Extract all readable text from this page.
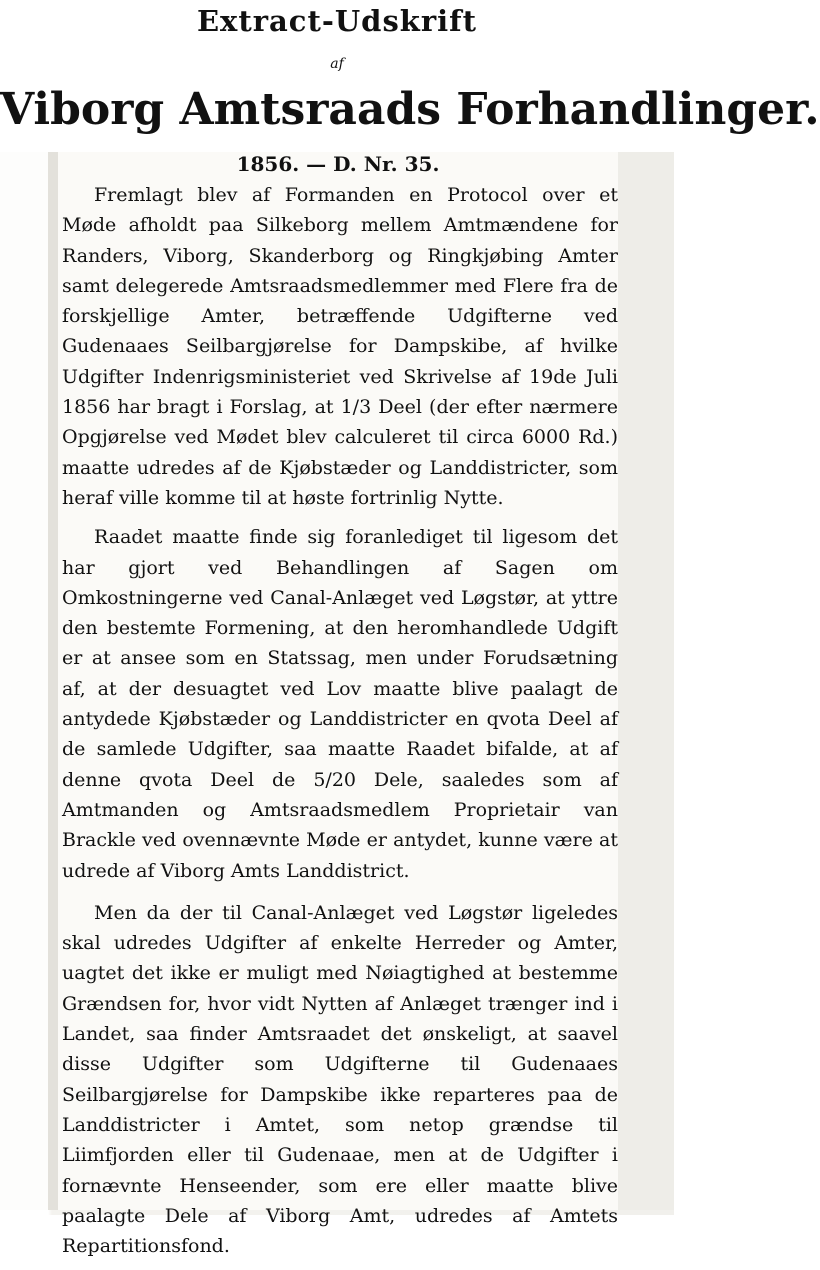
Extract-Udskrift
af
Viborg Amtsraads Forhandlinger.
1856. — D. Nr. 35.

Fremlagt blev af Formanden en Protocol over et Møde afholdt paa Silkeborg mellem Amtmændene for Randers, Viborg, Skanderborg og Ringkjøbing Amter samt delegerede Amtsraadsmedlemmer med Flere fra de forskjellige Amter, betræffende Udgifterne ved Gudenaaes Seilbargjørelse for Dampskibe, af hvilke Udgifter Indenrigsministeriet ved Skrivelse af 19de Juli 1856 har bragt i Forslag, at 1/3 Deel (der efter nærmere Opgjørelse ved Mødet blev calculeret til circa 6000 Rd.) maatte udredes af de Kjøbstæder og Landdistricter, som heraf ville komme til at høste fortrinlig Nytte.

Raadet maatte finde sig foranlediget til ligesom det har gjort ved Behandlingen af Sagen om Omkostningerne ved Canal-Anlæget ved Løgstør, at yttre den bestemte Formening, at den heromhandlede Udgift er at ansee som en Statssag, men under Forudsætning af, at der desuagtet ved Lov maatte blive paalagt de antydede Kjøbstæder og Landdistricter en qvota Deel af de samlede Udgifter, saa maatte Raadet bifalde, at af denne qvota Deel de 5/20 Dele, saaledes som af Amtmanden og Amtsraadsmedlem Proprietair van Brackle ved ovennævnte Møde er antydet, kunne være at udrede af Viborg Amts Landdistrict.

Men da der til Canal-Anlæget ved Løgstør ligeledes skal udredes Udgifter af enkelte Herreder og Amter, uagtet det ikke er muligt med Nøiagtighed at bestemme Grændsen for, hvor vidt Nytten af Anlæget trænger ind i Landet, saa finder Amtsraadet det ønskeligt, at saavel disse Udgifter som Udgifterne til Gudenaaes Seilbargjørelse for Dampskibe ikke reparteres paa de Landdistricter i Amtet, som netop grændse til Liimfjorden eller til Gudenaae, men at de Udgifter i fornævnte Henseender, som ere eller maatte blive paalagte Dele af Viborg Amt, udredes af Amtets Repartitionsfond.
